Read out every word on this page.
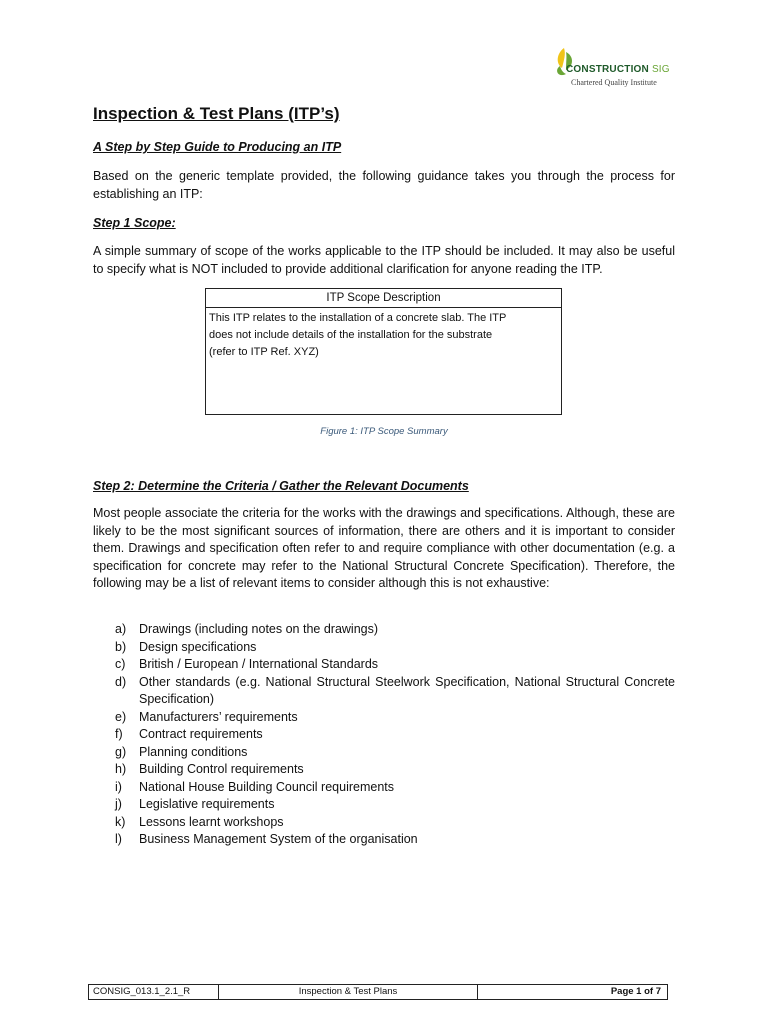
CONSTRUCTION SIG
Chartered Quality Institute
Inspection & Test Plans (ITP’s)
A Step by Step Guide to Producing an ITP

Based on the generic template provided, the following guidance takes you through the process for establishing an ITP:

Step 1 Scope:

A simple summary of scope of the works applicable to the ITP should be included. It may also be useful to specify what is NOT included to provide additional clarification for anyone reading the ITP.

ITP Scope Description
This ITP relates to the installation of a concrete slab. The ITP
does not include details of the installation for the substrate
(refer to ITP Ref. XYZ)
Figure 1: ITP Scope Summary
Step 2: Determine the Criteria / Gather the Relevant Documents

Most people associate the criteria for the works with the drawings and specifications. Although, these are likely to be the most significant sources of information, there are others and it is important to consider them. Drawings and specification often refer to and require compliance with other documentation (e.g. a specification for concrete may refer to the National Structural Concrete Specification). Therefore, the following may be a list of relevant items to consider although this is not exhaustive:

a) Drawings (including notes on the drawings)
b) Design specifications
c) British / European / International Standards
d) Other standards (e.g. National Structural Steelwork Specification, National Structural Concrete Specification)
e) Manufacturers’ requirements
f) Contract requirements
g) Planning conditions
h) Building Control requirements
i) National House Building Council requirements
j) Legislative requirements
k) Lessons learnt workshops
l) Business Management System of the organisation
CONSIG_013.1_2.1_R	Inspection & Test Plans	Page 1 of 7
